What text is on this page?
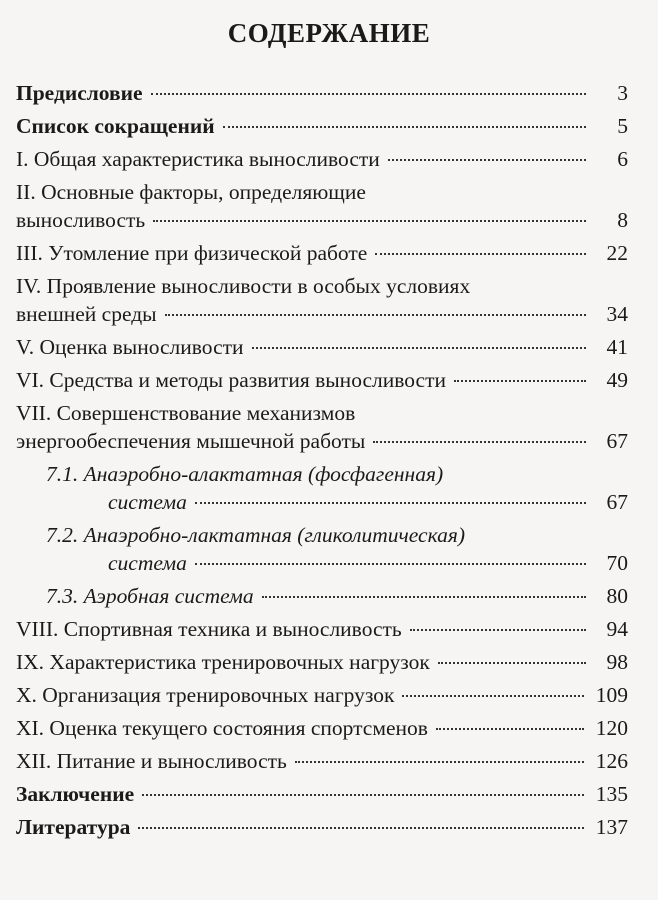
СОДЕРЖАНИЕ
Предисловие	3
Список сокращений	5
I. Общая характеристика выносливости	6
II. Основные факторы, определяющие
выносливость	8
III. Утомление при физической работе	22
IV. Проявление выносливости в особых условиях
внешней среды	34
V. Оценка выносливости	41
VI. Средства и методы развития выносливости	49
VII. Совершенствование механизмов
энергообеспечения мышечной работы	67
7.1. Анаэробно-алактатная (фосфагенная)
система	67
7.2. Анаэробно-лактатная (гликолитическая)
система	70
7.3. Аэробная система	80
VIII. Спортивная техника и выносливость	94
IX. Характеристика тренировочных нагрузок	98
X. Организация тренировочных нагрузок	109
XI. Оценка текущего состояния спортсменов	120
XII. Питание и выносливость	126
Заключение	135
Литература	137
